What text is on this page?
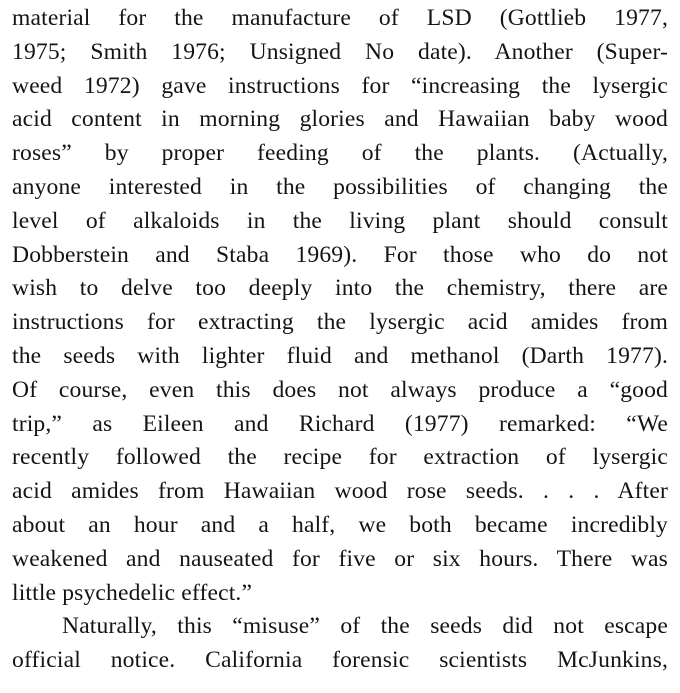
material for the manufacture of LSD (Gottlieb 1977,
1975; Smith 1976; Unsigned No date). Another (Super-
weed 1972) gave instructions for “increasing the lysergic
acid content in morning glories and Hawaiian baby wood
roses” by proper feeding of the plants. (Actually,
anyone interested in the possibilities of changing the
level of alkaloids in the living plant should consult
Dobberstein and Staba 1969). For those who do not
wish to delve too deeply into the chemistry, there are
instructions for extracting the lysergic acid amides from
the seeds with lighter fluid and methanol (Darth 1977).
Of course, even this does not always produce a “good
trip,” as Eileen and Richard (1977) remarked: “We
recently followed the recipe for extraction of lysergic
acid amides from Hawaiian wood rose seeds. . . . After
about an hour and a half, we both became incredibly
weakened and nauseated for five or six hours. There was
little psychedelic effect.”
Naturally, this “misuse” of the seeds did not escape
official notice. California forensic scientists McJunkins,
